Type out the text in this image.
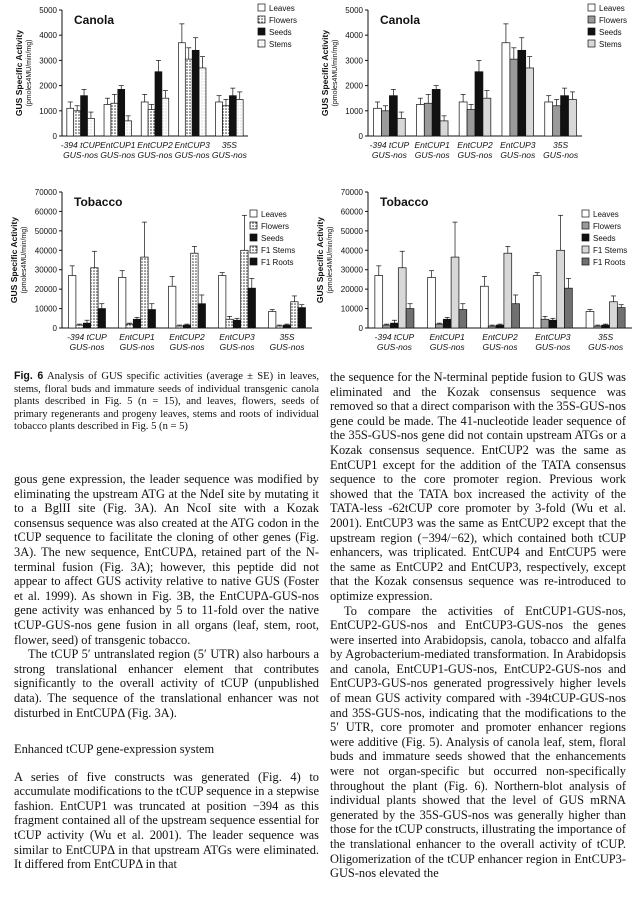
0
1000
2000
3000
4000
5000
GUS Specific Activity (pmoles4MU/min/mg)
Canola
-394 tCUP
GUS-nos
EntCUP1
GUS-nos
EntCUP2
GUS-nos
EntCUP3
GUS-nos
35S
GUS-nos
Leaves
Flowers
Seeds
Stems
0
1000
2000
3000
4000
5000
GUS Specific Activity (pmoles4MU/min/mg)
Canola
-394 tCUP
GUS-nos
EntCUP1
GUS-nos
EntCUP2
GUS-nos
EntCUP3
GUS-nos
35S
GUS-nos
Leaves
Flowers
Seeds
Stems
0
10000
20000
30000
40000
50000
60000
70000
GUS Specific Activity (pmoles4MU/min/mg)
Tobacco
-394 tCUP
GUS-nos
EntCUP1
GUS-nos
EntCUP2
GUS-nos
EntCUP3
GUS-nos
35S
GUS-nos
Leaves
Flowers
Seeds
F1 Stems
F1 Roots
0
10000
20000
30000
40000
50000
60000
70000
GUS Specific Activity (pmoles4MU/min/mg)
Tobacco
-394 tCUP
GUS-nos
EntCUP1
GUS-nos
EntCUP2
GUS-nos
EntCUP3
GUS-nos
35S
GUS-nos
Leaves
Flowers
Seeds
F1 Stems
F1 Roots
Fig. 6 Analysis of GUS specific activities (average ± SE) in leaves, stems, floral buds and immature seeds of individual transgenic canola plants described in Fig. 5 (n = 15), and leaves, flowers, seeds of primary regenerants and progeny leaves, stems and roots of individual tobacco plants described in Fig. 5 (n = 5)

gous gene expression, the leader sequence was modified by eliminating the upstream ATG at the NdeI site by mutating it to a BglII site (Fig. 3A). An NcoI site with a Kozak consensus sequence was also created at the ATG codon in the tCUP sequence to facilitate the cloning of other genes (Fig. 3A). The new sequence, EntCUPΔ, retained part of the N-terminal fusion (Fig. 3A); however, this peptide did not appear to affect GUS activity relative to native GUS (Foster et al. 1999). As shown in Fig. 3B, the EntCUPΔ-GUS-nos gene activity was enhanced by 5 to 11-fold over the native tCUP-GUS-nos gene fusion in all organs (leaf, stem, root, flower, seed) of transgenic tobacco.

The tCUP 5′ untranslated region (5′ UTR) also harbours a strong translational enhancer element that contributes significantly to the overall activity of tCUP (unpublished data). The sequence of the translational enhancer was not disturbed in EntCUPΔ (Fig. 3A).

Enhanced tCUP gene-expression system

A series of five constructs was generated (Fig. 4) to accumulate modifications to the tCUP sequence in a stepwise fashion. EntCUP1 was truncated at position −394 as this fragment contained all of the upstream sequence essential for tCUP activity (Wu et al. 2001). The leader sequence was similar to EntCUPΔ in that upstream ATGs were eliminated. It differed from EntCUPΔ in that

the sequence for the N-terminal peptide fusion to GUS was eliminated and the Kozak consensus sequence was removed so that a direct comparison with the 35S-GUS-nos gene could be made. The 41-nucleotide leader sequence of the 35S-GUS-nos gene did not contain upstream ATGs or a Kozak consensus sequence. EntCUP2 was the same as EntCUP1 except for the addition of the TATA consensus sequence to the core promoter region. Previous work showed that the TATA box increased the activity of the TATA-less -62tCUP core promoter by 3-fold (Wu et al. 2001). EntCUP3 was the same as EntCUP2 except that the upstream region (−394/−62), which contained both tCUP enhancers, was triplicated. EntCUP4 and EntCUP5 were the same as EntCUP2 and EntCUP3, respectively, except that the Kozak consensus sequence was re-introduced to optimize expression.

To compare the activities of EntCUP1-GUS-nos, EntCUP2-GUS-nos and EntCUP3-GUS-nos the genes were inserted into Arabidopsis, canola, tobacco and alfalfa by Agrobacterium-mediated transformation. In Arabidopsis and canola, EntCUP1-GUS-nos, EntCUP2-GUS-nos and EntCUP3-GUS-nos generated progressively higher levels of mean GUS activity compared with -394tCUP-GUS-nos and 35S-GUS-nos, indicating that the modifications to the 5′ UTR, core promoter and promoter enhancer regions were additive (Fig. 5). Analysis of canola leaf, stem, floral buds and immature seeds showed that the enhancements were not organ-specific but occurred non-specifically throughout the plant (Fig. 6). Northern-blot analysis of individual plants showed that the level of GUS mRNA generated by the 35S-GUS-nos was generally higher than those for the tCUP constructs, illustrating the importance of the translational enhancer to the overall activity of tCUP. Oligomerization of the tCUP enhancer region in EntCUP3-GUS-nos elevated the
